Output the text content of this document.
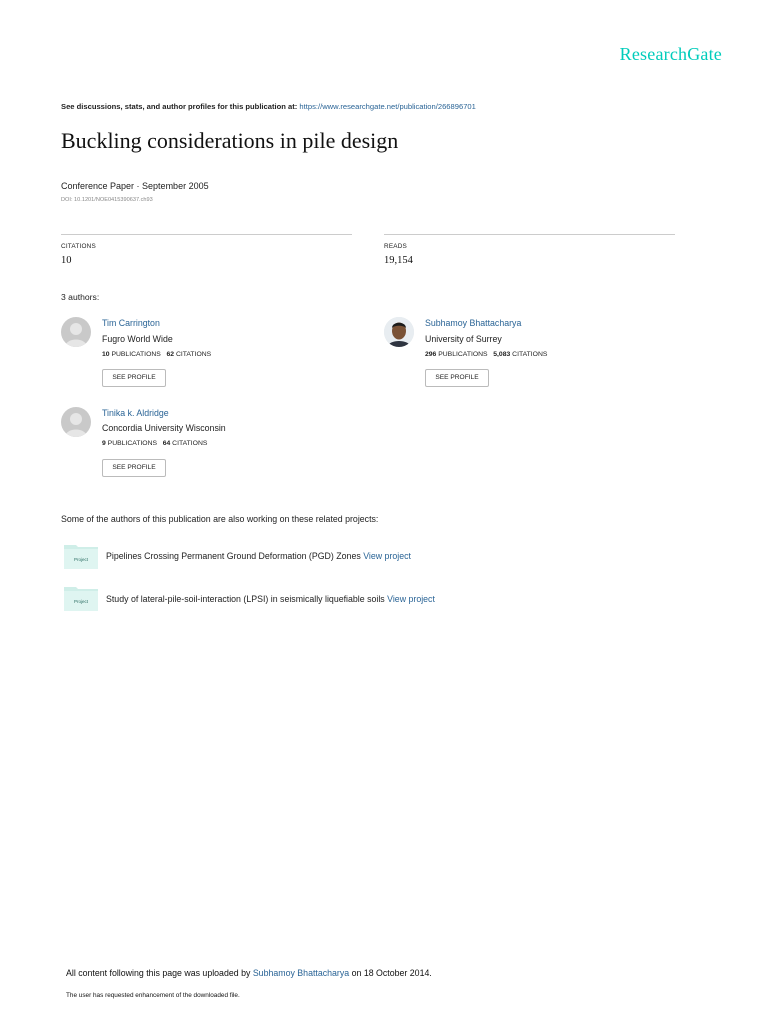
ResearchGate
See discussions, stats, and author profiles for this publication at: https://www.researchgate.net/publication/266896701
Buckling considerations in pile design
Conference Paper · September 2005
DOI: 10.1201/NOE0415390637.ch93
CITATIONS
10
READS
19,154
3 authors:
Tim Carrington
Fugro World Wide
10 PUBLICATIONS 62 CITATIONS
SEE PROFILE
Subhamoy Bhattacharya
University of Surrey
296 PUBLICATIONS 5,083 CITATIONS
SEE PROFILE
Tinika k. Aldridge
Concordia University Wisconsin
9 PUBLICATIONS 64 CITATIONS
SEE PROFILE
Some of the authors of this publication are also working on these related projects:
Project Pipelines Crossing Permanent Ground Deformation (PGD) Zones View project
Project Study of lateral-pile-soil-interaction (LPSI) in seismically liquefiable soils View project
All content following this page was uploaded by Subhamoy Bhattacharya on 18 October 2014.
The user has requested enhancement of the downloaded file.
